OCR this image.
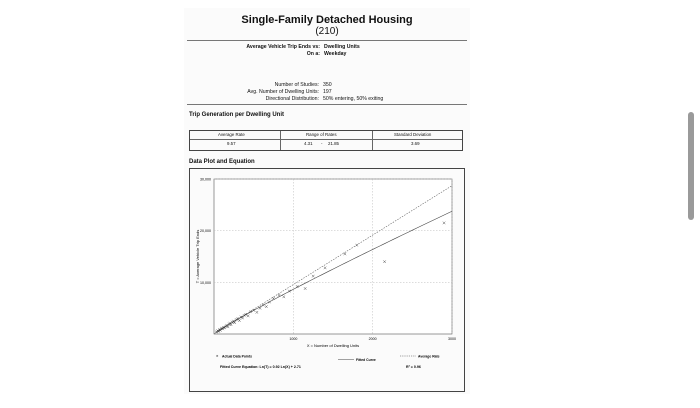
Single-Family Detached Housing
(210)
Average Vehicle Trip Ends vs: Dwelling Units
On a: Weekday
Number of Studies: 350
Avg. Number of Dwelling Units: 197
Directional Distribution: 50% entering, 50% exiting
Trip Generation per Dwelling Unit
Average Rate	Range of Rates	Standard Deviation
9.57	4.31 - 21.85	3.69
Data Plot and Equation
10,000
20,000
30,000
1000	2000	3000
X = Number of Dwelling Units
T = Average Vehicle Trip Ends
× Actual Data Points
Fitted Curve
Average Rate
Fitted Curve Equation: Ln(T) = 0.92 Ln(X) + 2.71	R² = 0.96
